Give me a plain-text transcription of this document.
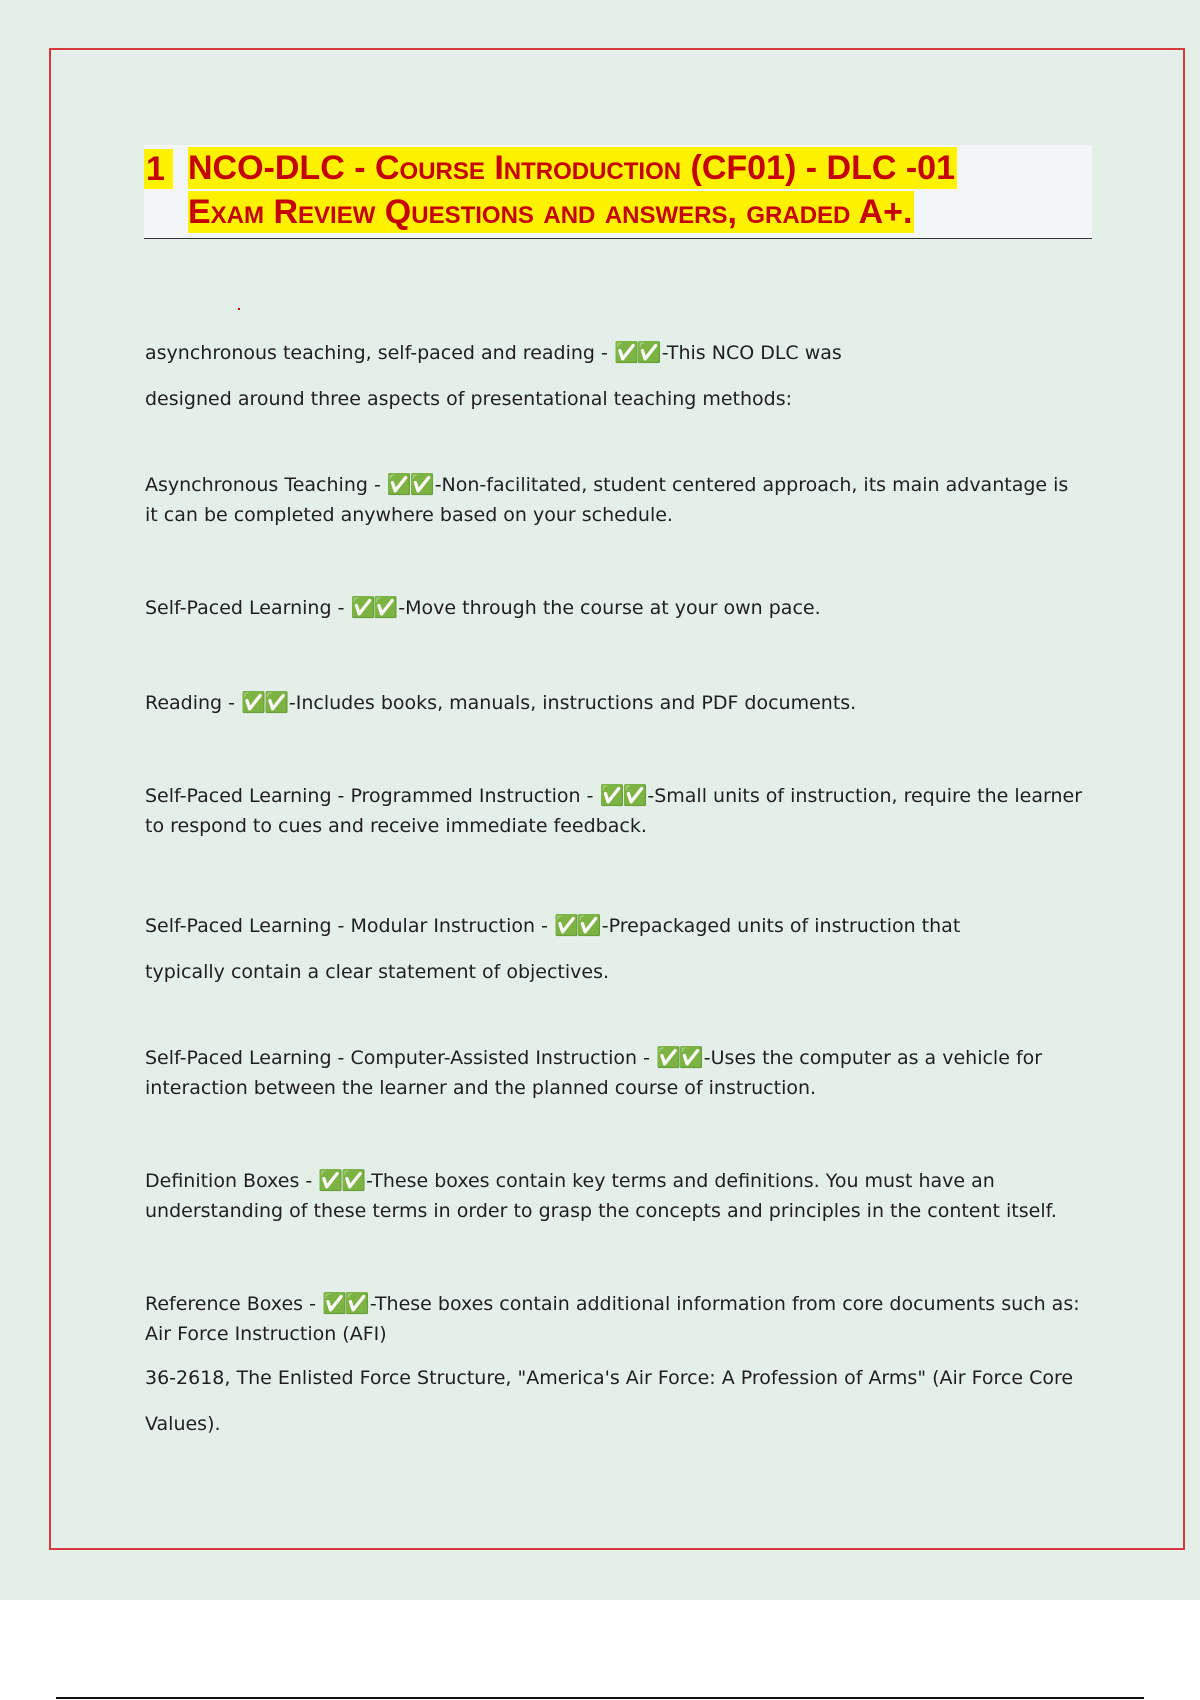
1 NCO-DLC - Course Introduction (CF01) - DLC -01
Exam Review Questions and answers, graded A+.

asynchronous teaching, self-paced and reading - ✅✅ -This NCO DLC was designed around three aspects of presentational teaching methods:

Asynchronous Teaching - ✅✅ -Non-facilitated, student centered approach, its main advantage is it can be completed anywhere based on your schedule.

Self-Paced Learning - ✅✅ -Move through the course at your own pace.

Reading - ✅✅ -Includes books, manuals, instructions and PDF documents.

Self-Paced Learning - Programmed Instruction - ✅✅ -Small units of instruction, require the learner to respond to cues and receive immediate feedback.

Self-Paced Learning - Modular Instruction - ✅✅ -Prepackaged units of instruction that typically contain a clear statement of objectives.

Self-Paced Learning - Computer-Assisted Instruction - ✅✅ -Uses the computer as a vehicle for interaction between the learner and the planned course of instruction.

Definition Boxes - ✅✅ -These boxes contain key terms and definitions. You must have an understanding of these terms in order to grasp the concepts and principles in the content itself.

Reference Boxes - ✅✅ -These boxes contain additional information from core documents such as: Air Force Instruction (AFI)

36-2618, The Enlisted Force Structure, "America's Air Force: A Profession of Arms" (Air Force Core Values).
